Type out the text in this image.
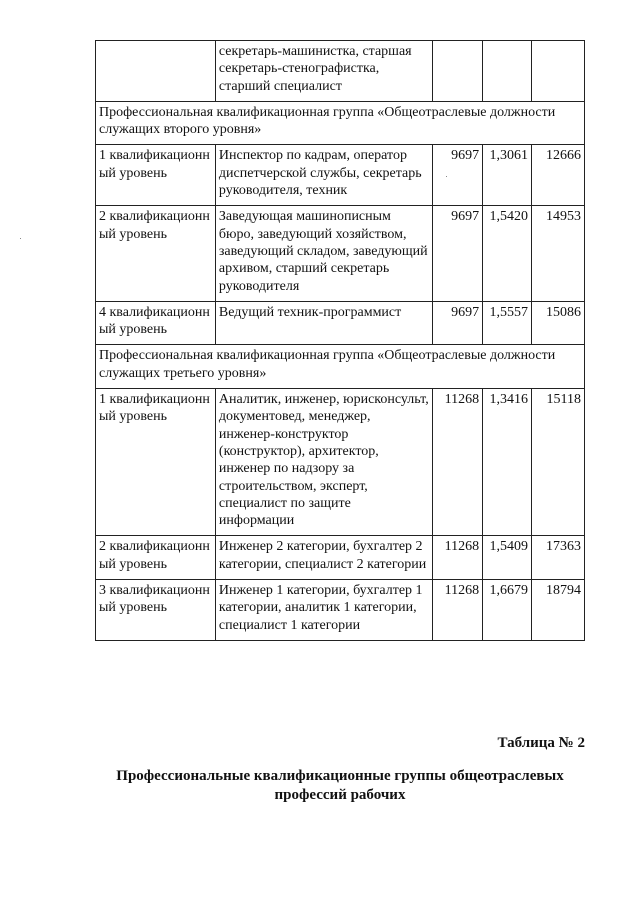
	секретарь-машинистка, старшая секретарь-стенографистка, старший специалист			
Профессиональная квалификационная группа «Общеотраслевые должности служащих второго уровня»				
1 квалификационн ый уровень	Инспектор по кадрам, оператор диспетчерской службы, секретарь руководителя, техник	9697	1,3061	12666
2 квалификационн ый уровень	Заведующая машинописным бюро, заведующий хозяйством, заведующий складом, заведующий архивом, старший секретарь руководителя	9697	1,5420	14953
4 квалификационн ый уровень	Ведущий техник-программист	9697	1,5557	15086
Профессиональная квалификационная группа «Общеотраслевые должности служащих третьего уровня»				
1 квалификационн ый уровень	Аналитик, инженер, юрисконсульт, документовед, менеджер, инженер-конструктор (конструктор), архитектор, инженер по надзору за строительством, эксперт, специалист по защите информации	11268	1,3416	15118
2 квалификационн ый уровень	Инженер 2 категории, бухгалтер 2 категории, специалист 2 категории	11268	1,5409	17363
3 квалификационн ый уровень	Инженер 1 категории, бухгалтер 1 категории, аналитик 1 категории, специалист 1 категории	11268	1,6679	18794
Таблица № 2
Профессиональные квалификационные группы общеотраслевых профессий рабочих
